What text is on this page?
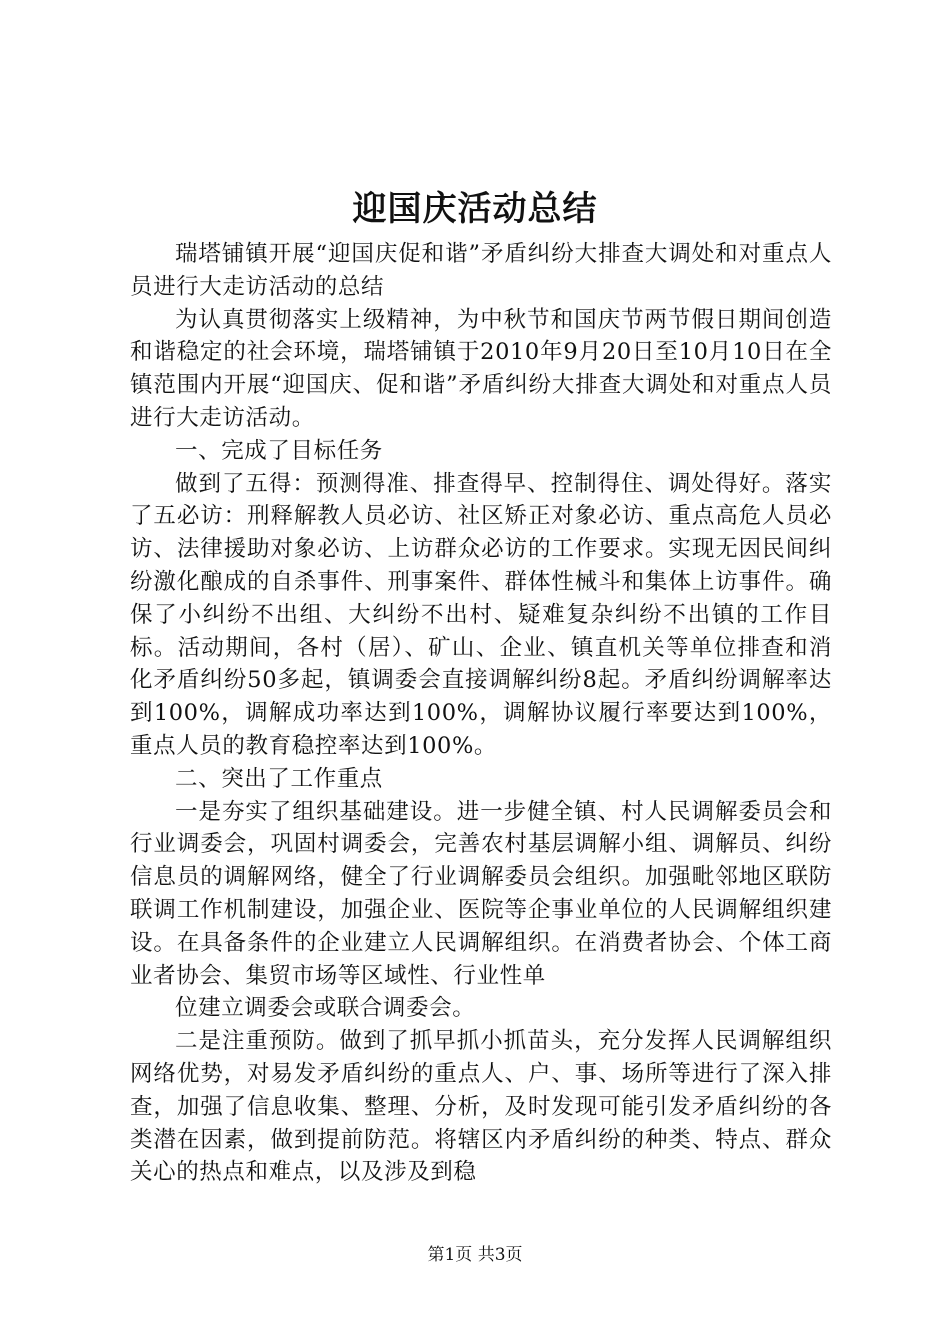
迎国庆活动总结

瑞塔铺镇开展“迎国庆促和谐”矛盾纠纷大排查大调处和对重点人员进行大走访活动的总结

为认真贯彻落实上级精神，为中秋节和国庆节两节假日期间创造和谐稳定的社会环境，瑞塔铺镇于2010年9月20日至10月10日在全镇范围内开展“迎国庆、促和谐”矛盾纠纷大排查大调处和对重点人员进行大走访活动。

一、完成了目标任务

做到了五得：预测得准、排查得早、控制得住、调处得好。落实了五必访：刑释解教人员必访、社区矫正对象必访、重点高危人员必访、法律援助对象必访、上访群众必访的工作要求。实现无因民间纠纷激化酿成的自杀事件、刑事案件、群体性械斗和集体上访事件。确保了小纠纷不出组、大纠纷不出村、疑难复杂纠纷不出镇的工作目标。活动期间，各村（居）、矿山、企业、镇直机关等单位排查和消化矛盾纠纷50多起，镇调委会直接调解纠纷8起。矛盾纠纷调解率达到100%，调解成功率达到100%，调解协议履行率要达到100%，重点人员的教育稳控率达到100%。

二、突出了工作重点

一是夯实了组织基础建设。进一步健全镇、村人民调解委员会和行业调委会，巩固村调委会，完善农村基层调解小组、调解员、纠纷信息员的调解网络，健全了行业调解委员会组织。加强毗邻地区联防联调工作机制建设，加强企业、医院等企事业单位的人民调解组织建设。在具备条件的企业建立人民调解组织。在消费者协会、个体工商业者协会、集贸市场等区域性、行业性单

位建立调委会或联合调委会。

二是注重预防。做到了抓早抓小抓苗头，充分发挥人民调解组织网络优势，对易发矛盾纠纷的重点人、户、事、场所等进行了深入排查，加强了信息收集、整理、分析，及时发现可能引发矛盾纠纷的各类潜在因素，做到提前防范。将辖区内矛盾纠纷的种类、特点、群众关心的热点和难点，以及涉及到稳

第1页 共3页
